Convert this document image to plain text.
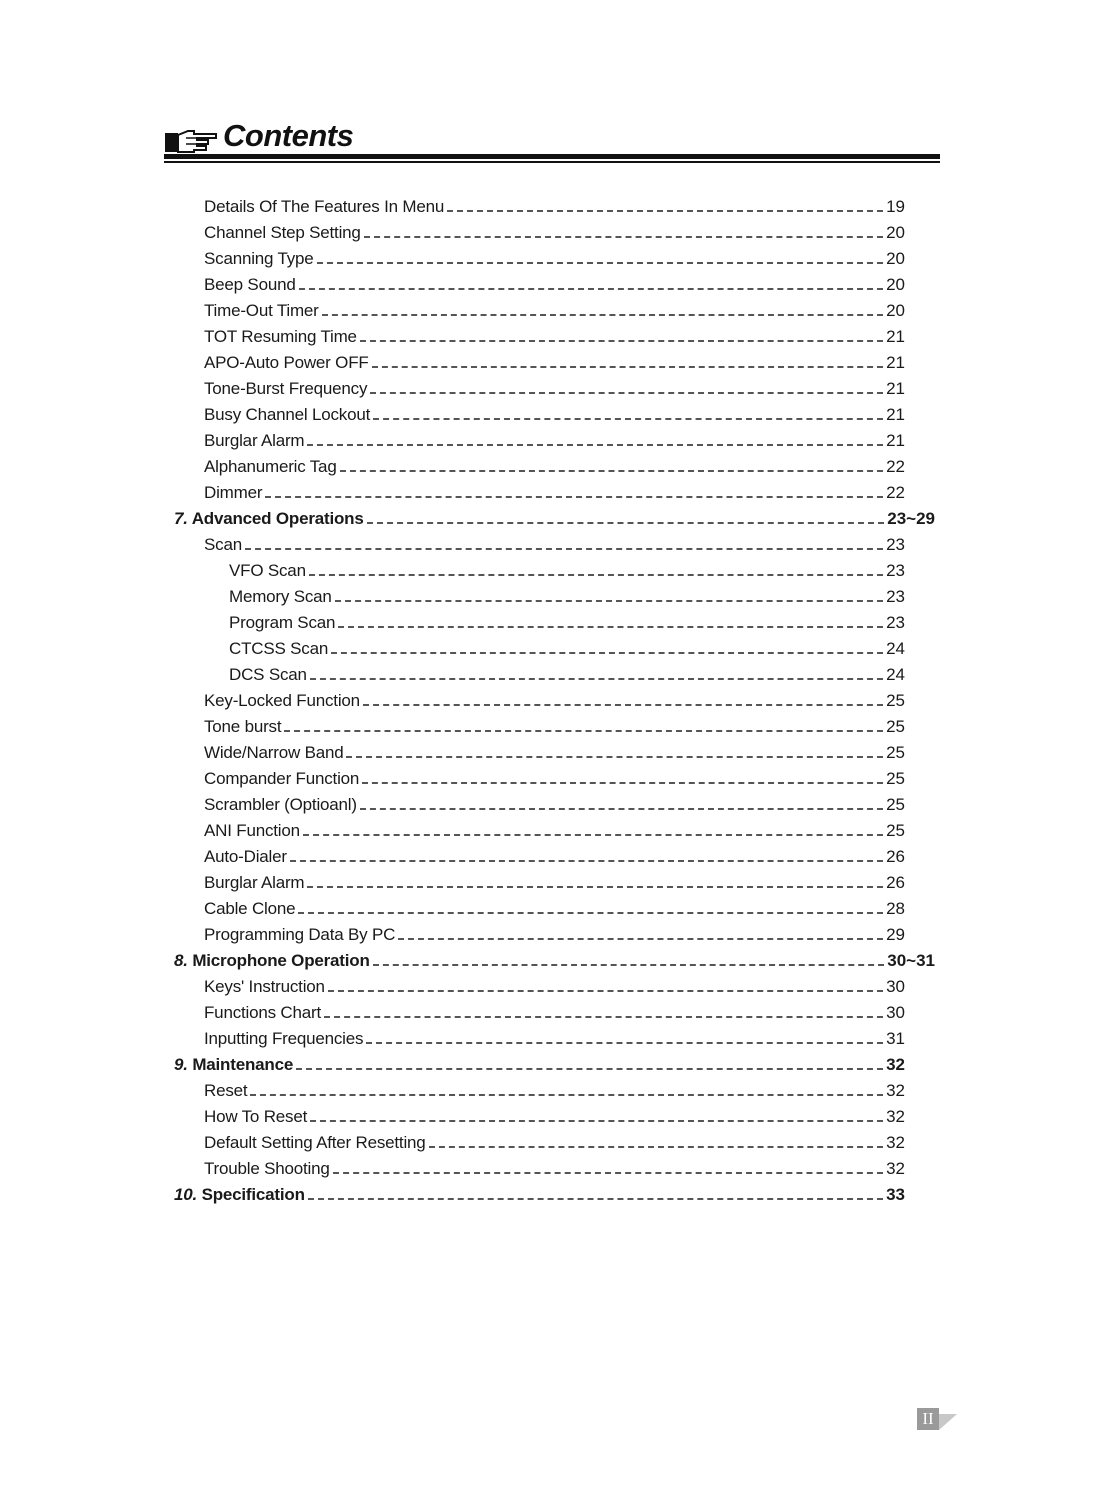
Contents
Details Of The Features In Menu	19
Channel Step Setting	20
Scanning Type	20
Beep Sound	20
Time-Out Timer	20
TOT Resuming Time	21
APO-Auto Power OFF	21
Tone-Burst Frequency	21
Busy Channel Lockout	21
Burglar Alarm	21
Alphanumeric Tag	22
Dimmer	22
7. Advanced Operations	23~29
Scan	23
VFO Scan	23
Memory Scan	23
Program Scan	23
CTCSS Scan	24
DCS Scan	24
Key-Locked Function	25
Tone burst	25
Wide/Narrow Band	25
Compander Function	25
Scrambler (Optioanl)	25
ANI Function	25
Auto-Dialer	26
Burglar Alarm	26
Cable Clone	28
Programming Data By PC	29
8. Microphone Operation	30~31
Keys' Instruction	30
Functions Chart	30
Inputting Frequencies	31
9. Maintenance	32
Reset	32
How To Reset	32
Default Setting After Resetting	32
Trouble Shooting	32
10. Specification	33
II
